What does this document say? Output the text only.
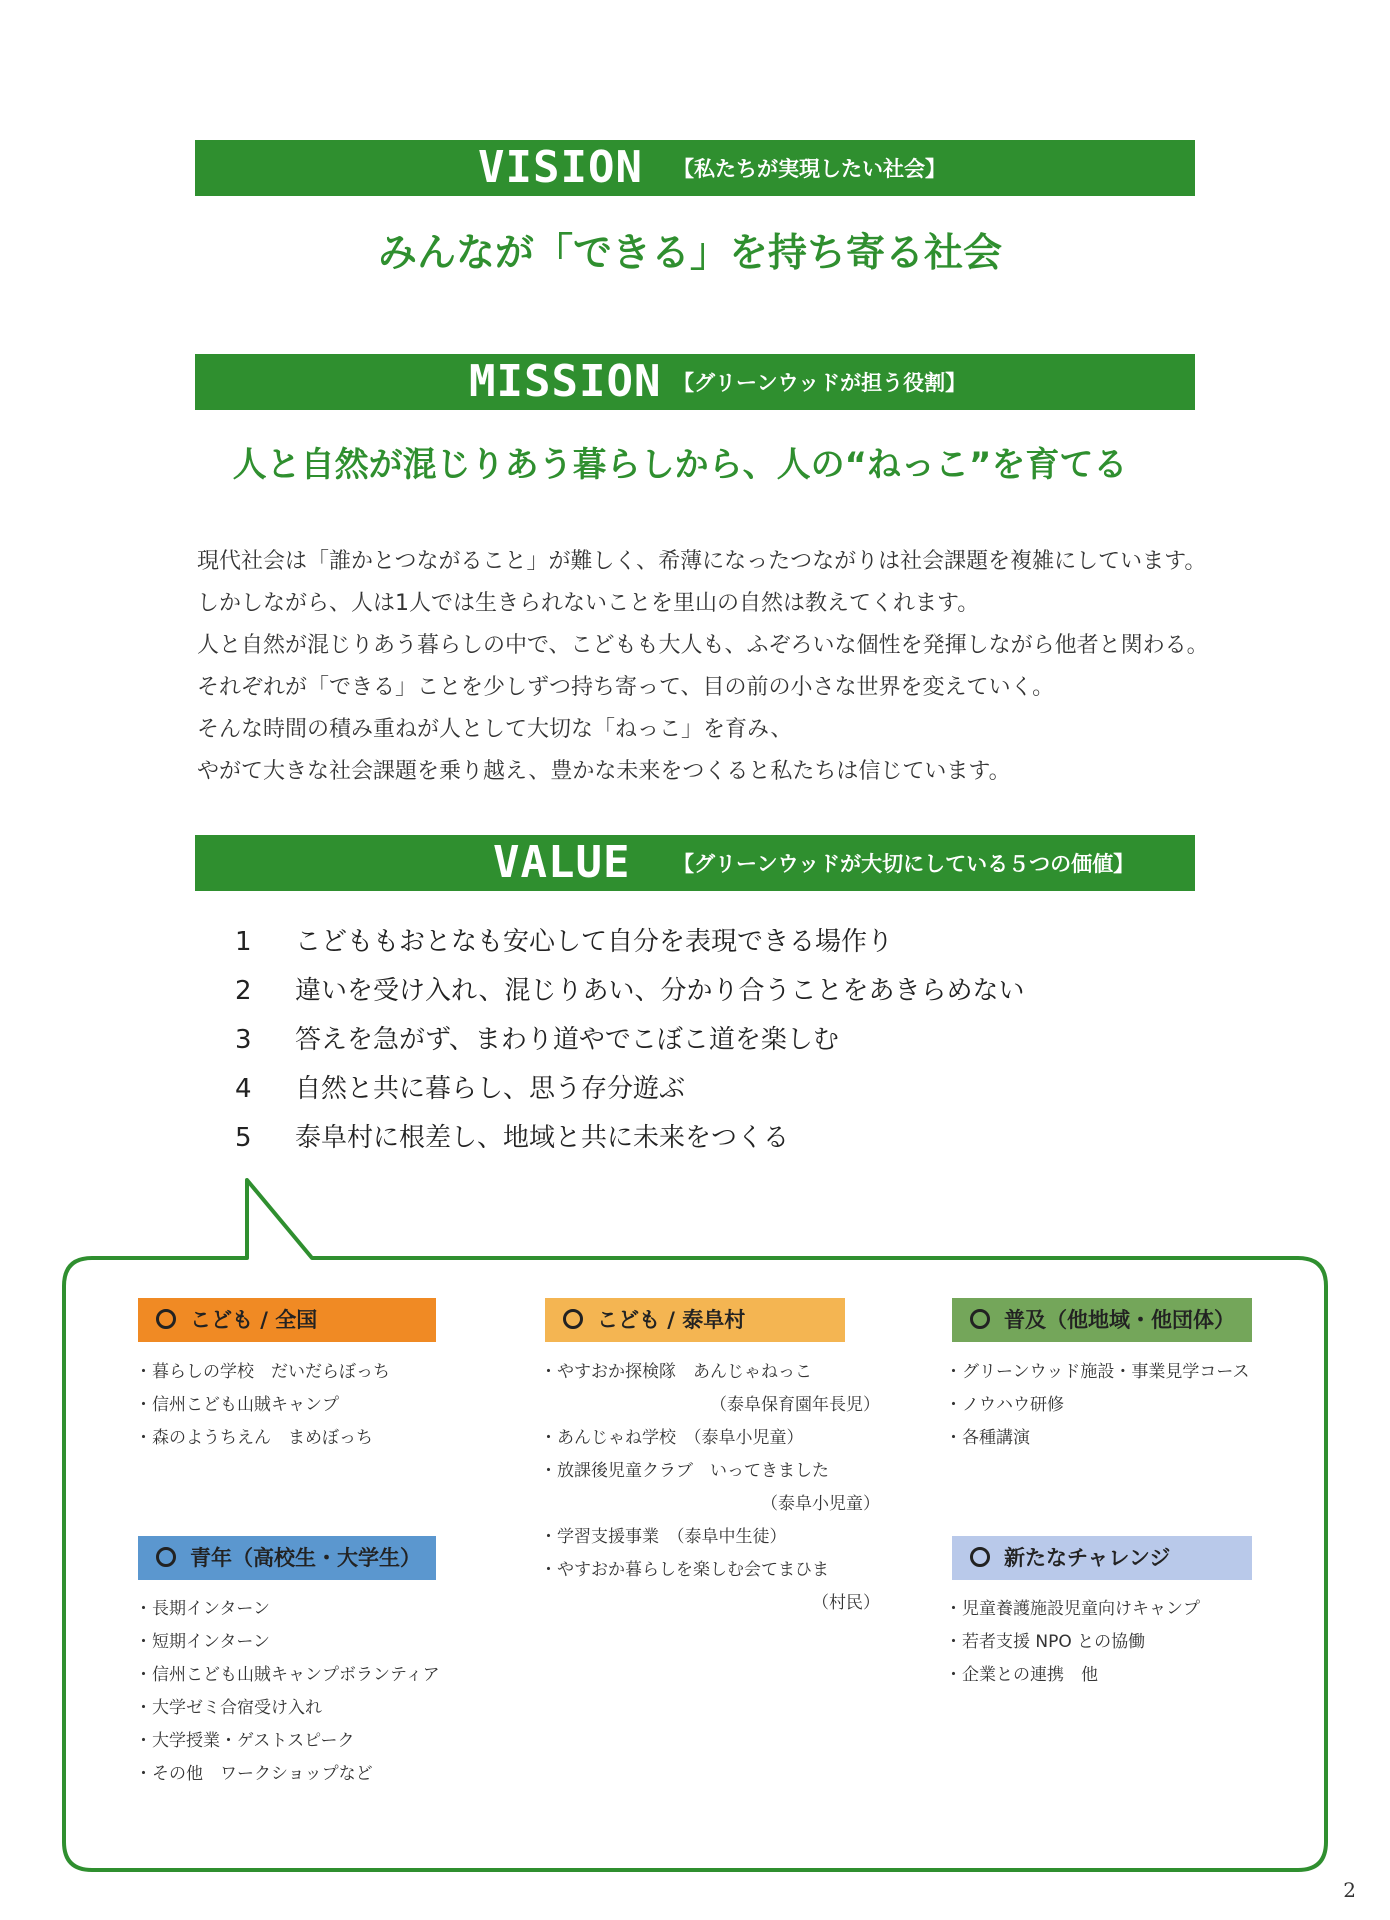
VISION 【私たちが実現したい社会】
みんなが「できる」を持ち寄る社会
MISSION 【グリーンウッドが担う役割】
人と自然が混じりあう暮らしから、人の“ねっこ”を育てる
現代社会は「誰かとつながること」が難しく、希薄になったつながりは社会課題を複雑にしています。
しかしながら、人は1人では生きられないことを里山の自然は教えてくれます。
人と自然が混じりあう暮らしの中で、こどもも大人も、ふぞろいな個性を発揮しながら他者と関わる。
それぞれが「できる」ことを少しずつ持ち寄って、目の前の小さな世界を変えていく。
そんな時間の積み重ねが人として大切な「ねっこ」を育み、
やがて大きな社会課題を乗り越え、豊かな未来をつくると私たちは信じています。
VALUE 【グリーンウッドが大切にしている５つの価値】
1 こどももおとなも安心して自分を表現できる場作り
2 違いを受け入れ、混じりあい、分かり合うことをあきらめない
3 答えを急がず、まわり道やでこぼこ道を楽しむ
4 自然と共に暮らし、思う存分遊ぶ
5 泰阜村に根差し、地域と共に未来をつくる
こども / 全国
・暮らしの学校　だいだらぼっち
・信州こども山賊キャンプ
・森のようちえん　まめぼっち
青年（高校生・大学生）
・長期インターン
・短期インターン
・信州こども山賊キャンプボランティア
・大学ゼミ合宿受け入れ
・大学授業・ゲストスピーク
・その他　ワークショップなど
こども / 泰阜村
・やすおか探検隊　あんじゃねっこ
（泰阜保育園年長児）
・あんじゃね学校　（泰阜小児童）
・放課後児童クラブ　いってきました
（泰阜小児童）
・学習支援事業　（泰阜中生徒）
・やすおか暮らしを楽しむ会てまひま
（村民）
普及（他地域・他団体）
・グリーンウッド施設・事業見学コース
・ノウハウ研修
・各種講演
新たなチャレンジ
・児童養護施設児童向けキャンプ
・若者支援 NPO との協働
・企業との連携　他
2
